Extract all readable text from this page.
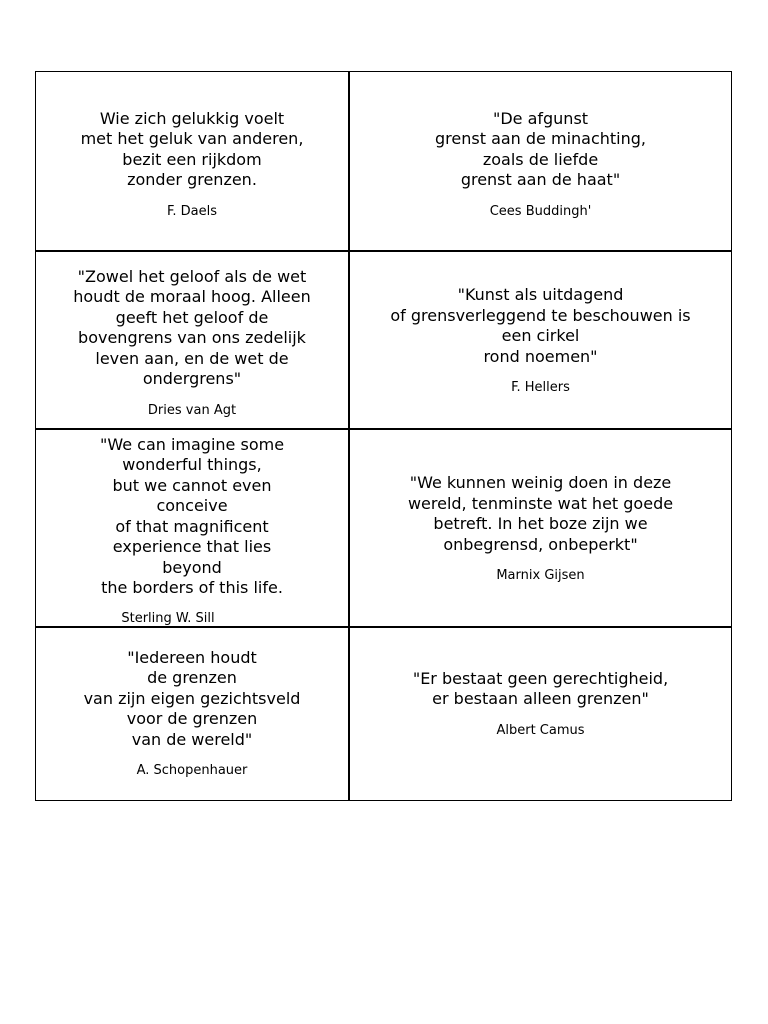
Wie zich gelukkig voelt
met het geluk van anderen,
bezit een rijkdom
zonder grenzen.

F. Daels

"De afgunst
grenst aan de minachting,
zoals de liefde
grenst aan de haat"

Cees Buddingh'

"Zowel het geloof als de wet
houdt de moraal hoog. Alleen
geeft het geloof de
bovengrens van ons zedelijk
leven aan, en de wet de
ondergrens"

Dries van Agt

"Kunst als uitdagend
of grensverleggend te beschouwen is
een cirkel
rond noemen"

F. Hellers

"We can imagine some
wonderful things,
but we cannot even
conceive
of that magnificent
experience that lies
beyond
the borders of this life.

Sterling W. Sill

"We kunnen weinig doen in deze
wereld, tenminste wat het goede
betreft. In het boze zijn we
onbegrensd, onbeperkt"

Marnix Gijsen

"Iedereen houdt
de grenzen
van zijn eigen gezichtsveld
voor de grenzen
van de wereld"

A. Schopenhauer

"Er bestaat geen gerechtigheid,
er bestaan alleen grenzen"

Albert Camus
